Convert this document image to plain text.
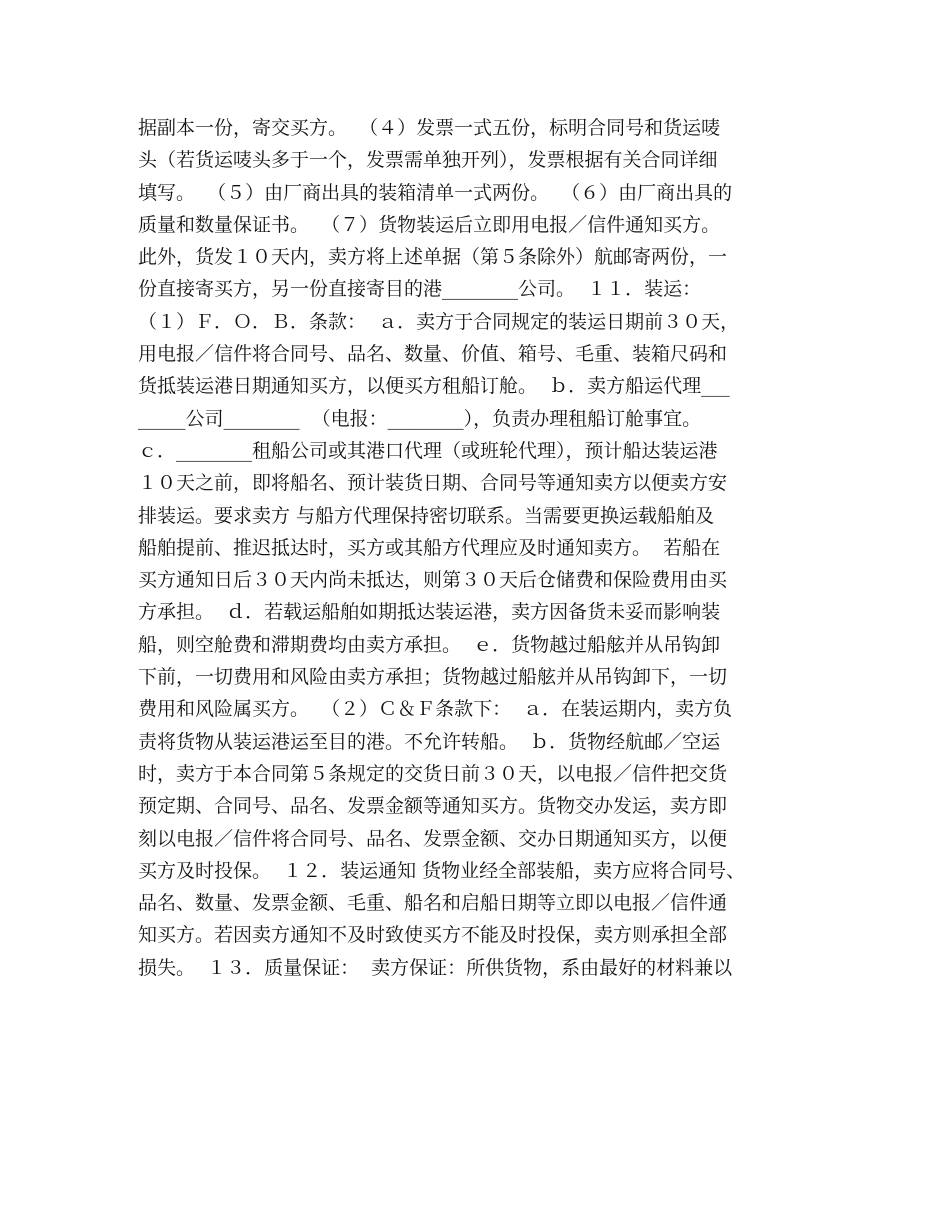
据副本一份，寄交买方。  （４）发票一式五份，标明合同号和货运唛
头（若货运唛头多于一个，发票需单独开列），发票根据有关合同详细
填写。  （５）由厂商出具的装箱清单一式两份。  （６）由厂商出具的
质量和数量保证书。  （７）货物装运后立即用电报／信件通知买方。
此外，货发１０天内，卖方将上述单据（第５条除外）航邮寄两份，一
份直接寄买方，另一份直接寄目的港________公司。  １１．装运：
（１）Ｆ．Ｏ．Ｂ．条款：  ａ．卖方于合同规定的装运日期前３０天，
用电报／信件将合同号、品名、数量、价值、箱号、毛重、装箱尺码和
货抵装运港日期通知买方，以便买方租船订舱。  ｂ．卖方船运代理___
_____公司________  （电报：________），负责办理租船订舱事宜。
ｃ．________租船公司或其港口代理（或班轮代理），预计船达装运港
１０天之前，即将船名、预计装货日期、合同号等通知卖方以便卖方安
排装运。要求卖方 与船方代理保持密切联系。当需要更换运载船舶及
船舶提前、推迟抵达时，买方或其船方代理应及时通知卖方。  若船在
买方通知日后３０天内尚未抵达，则第３０天后仓储费和保险费用由买
方承担。  ｄ．若载运船舶如期抵达装运港，卖方因备货未妥而影响装
船，则空舱费和滞期费均由卖方承担。  ｅ．货物越过船舷并从吊钩卸
下前，一切费用和风险由卖方承担；货物越过船舷并从吊钩卸下，一切
费用和风险属买方。  （２）Ｃ＆Ｆ条款下：  ａ．在装运期内，卖方负
责将货物从装运港运至目的港。不允许转船。  ｂ．货物经航邮／空运
时，卖方于本合同第５条规定的交货日前３０天，以电报／信件把交货
预定期、合同号、品名、发票金额等通知买方。货物交办发运，卖方即
刻以电报／信件将合同号、品名、发票金额、交办日期通知买方，以便
买方及时投保。  １２．装运通知 货物业经全部装船，卖方应将合同号、
品名、数量、发票金额、毛重、船名和启船日期等立即以电报／信件通
知买方。若因卖方通知不及时致使买方不能及时投保，卖方则承担全部
损失。  １３．质量保证：  卖方保证：所供货物，系由最好的材料兼以
